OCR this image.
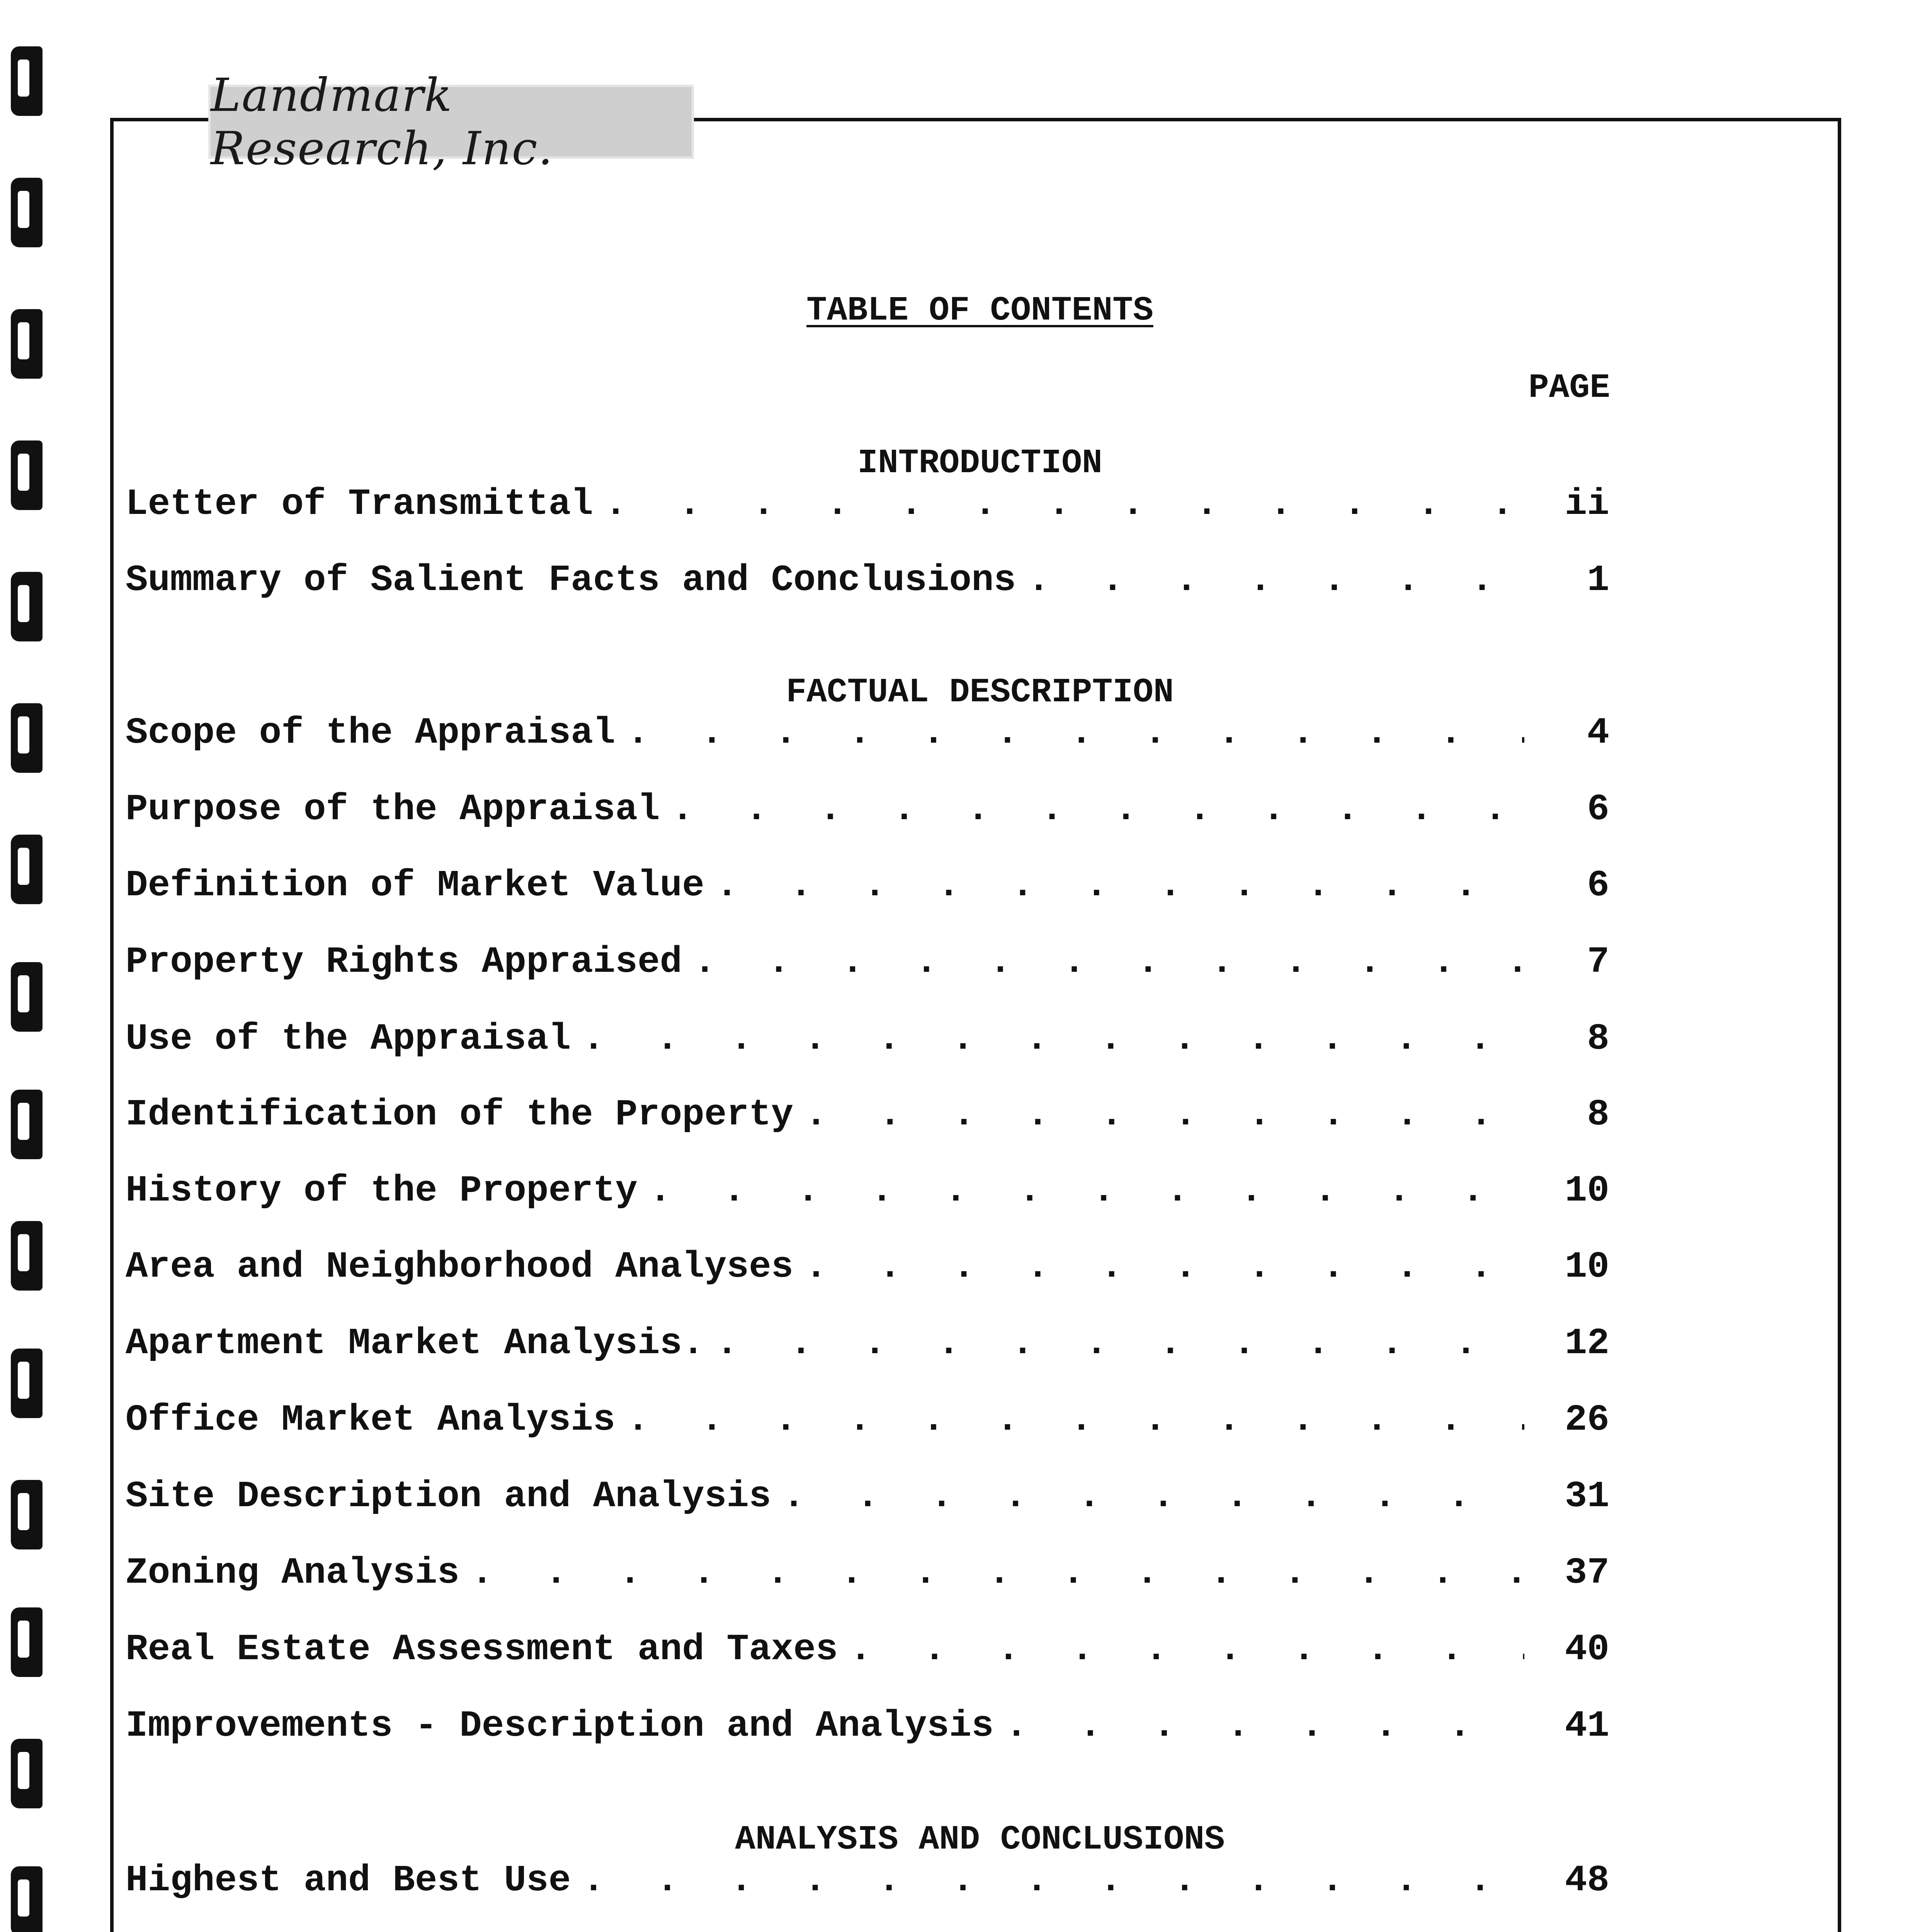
Landmark Research, Inc.
TABLE OF CONTENTS
PAGE
INTRODUCTION
Letter of Transmittal . . .	ii
Summary of Salient Facts and Conclusions . . .	1
FACTUAL DESCRIPTION
Scope of the Appraisal . . .	4
Purpose of the Appraisal . . .	6
Definition of Market Value . . .	6
Property Rights Appraised . . .	7
Use of the Appraisal . . .	8
Identification of the Property . . .	8
History of the Property . . .	10
Area and Neighborhood Analyses . . .	10
Apartment Market Analysis. . . .	12
Office Market Analysis . . .	26
Site Description and Analysis . . .	31
Zoning Analysis . . .	37
Real Estate Assessment and Taxes . . .	40
Improvements - Description and Analysis . . .	41
ANALYSIS AND CONCLUSIONS
Highest and Best Use . . .	48
